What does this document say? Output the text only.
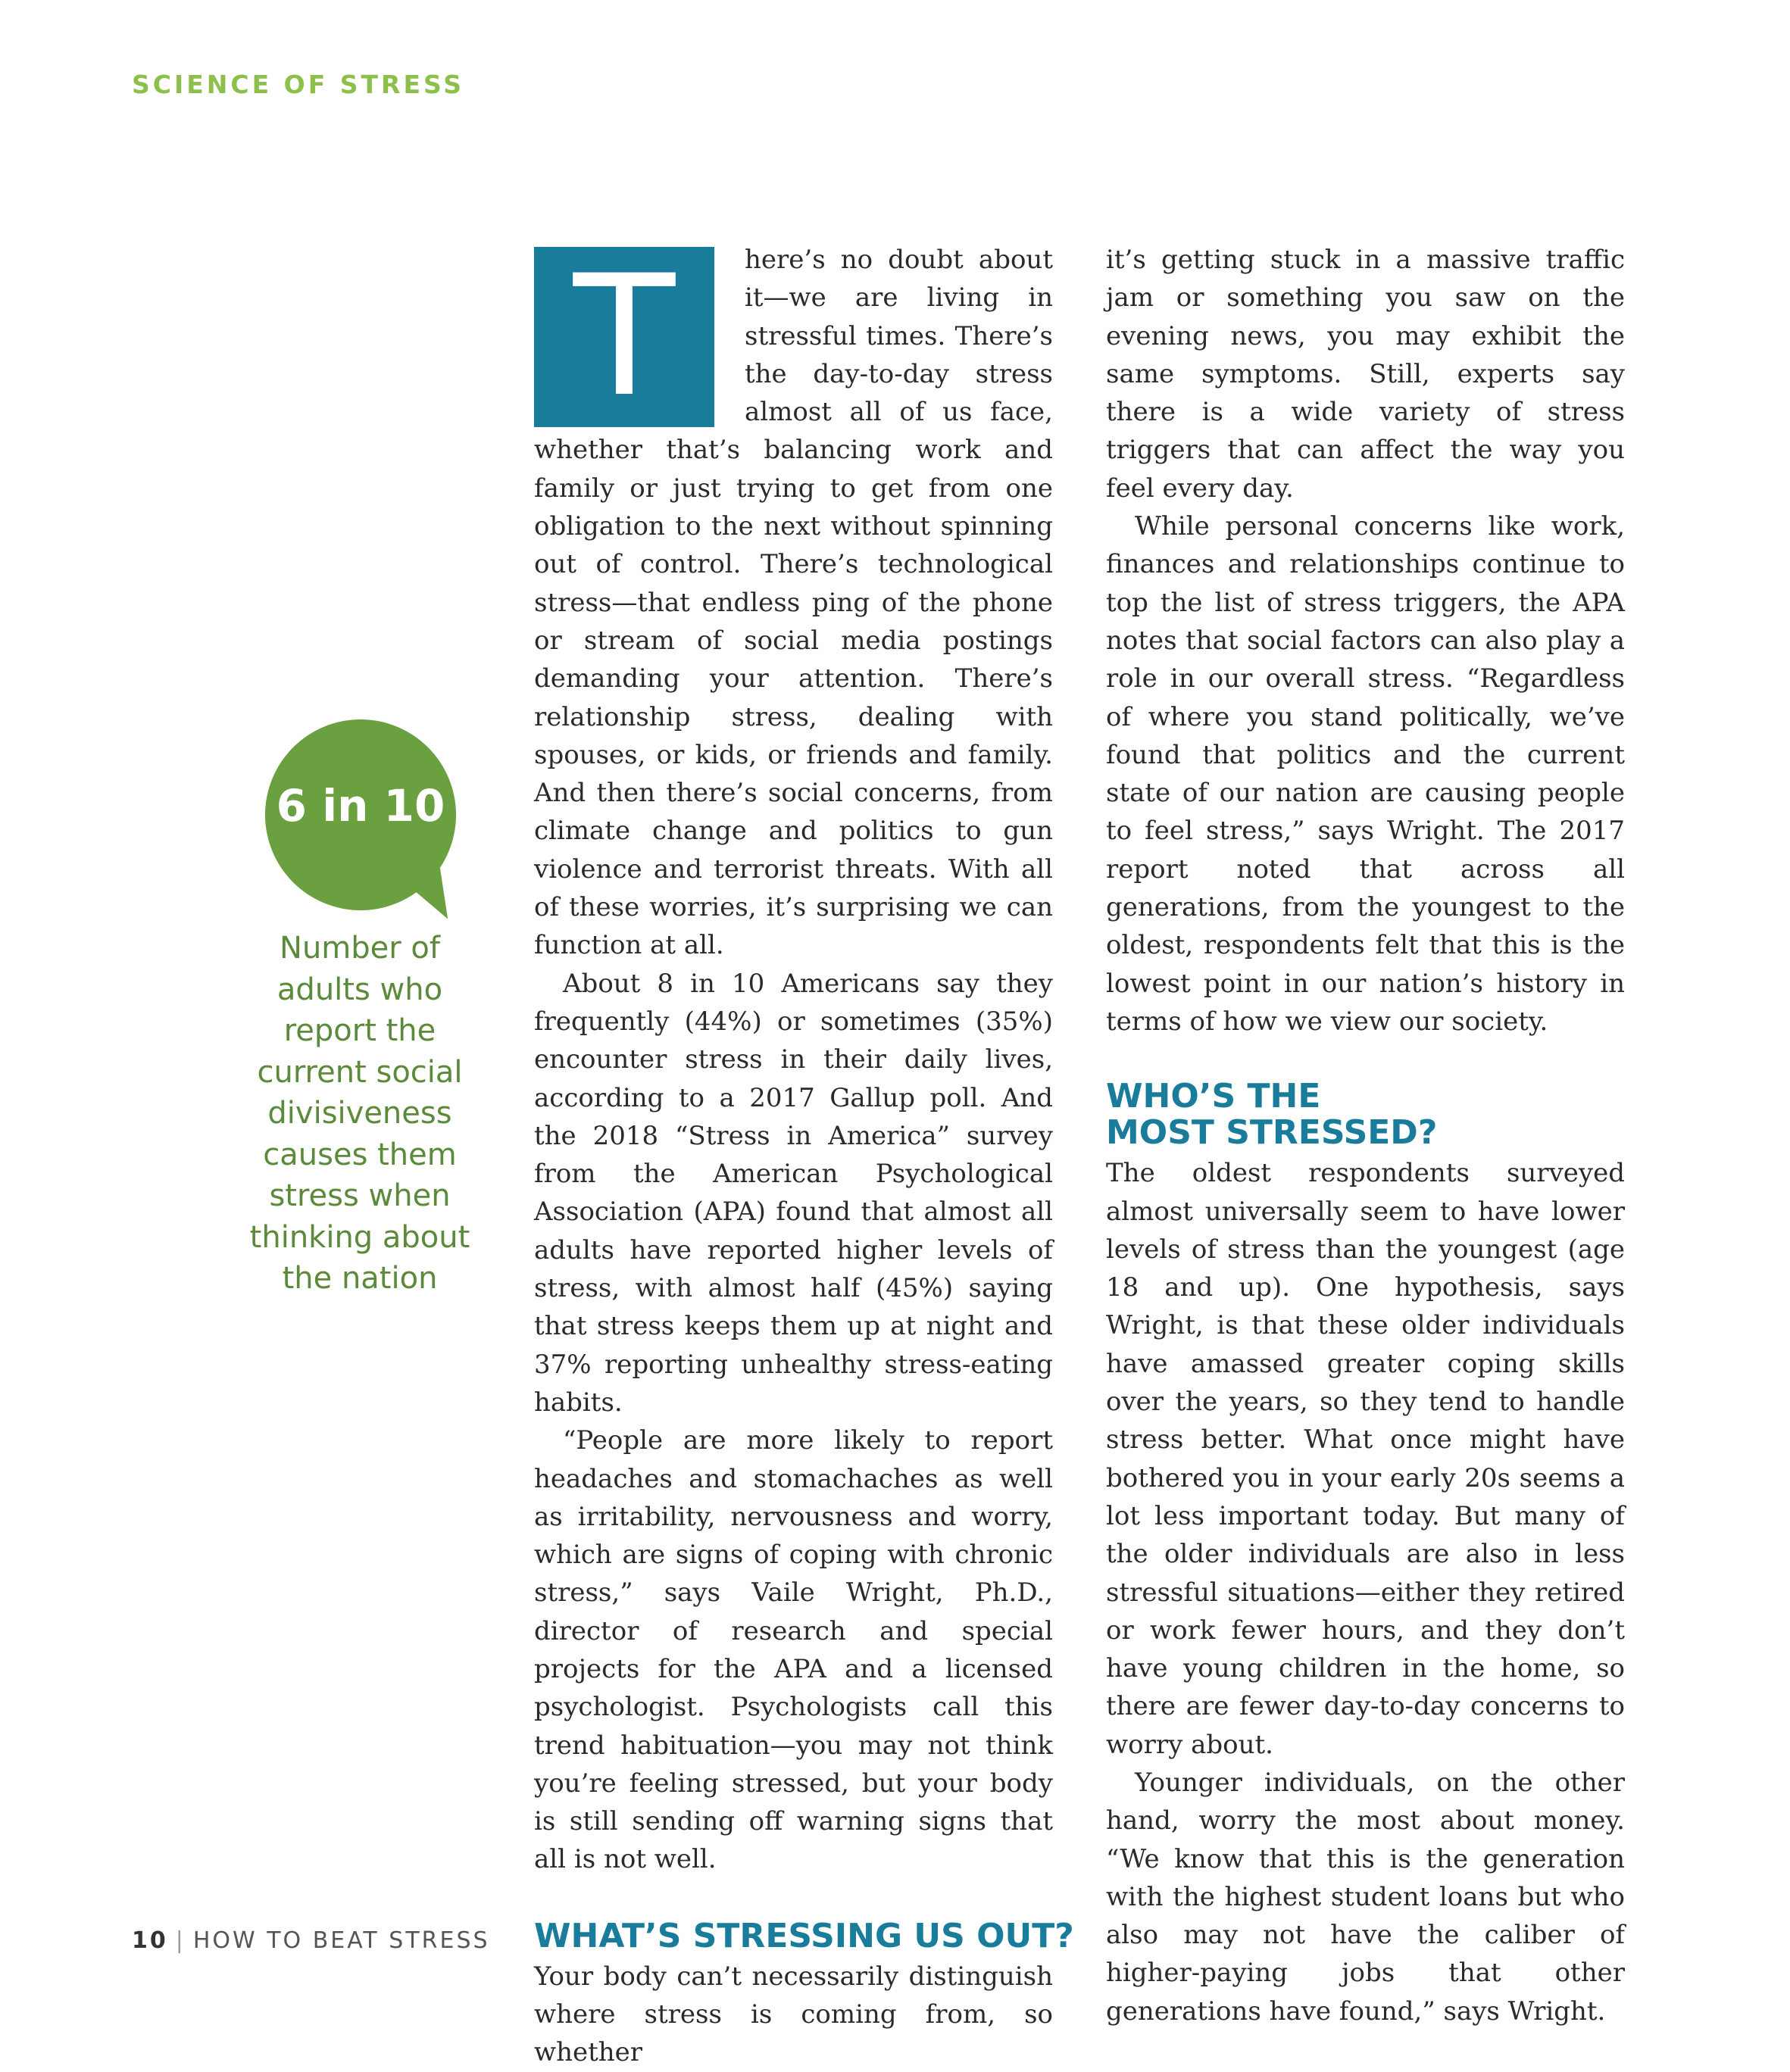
SCIENCE OF STRESS
6 in 10
Number of adults who report the current social divisiveness causes them stress when thinking about the nation
T	here’s no doubt about it—we are living in stressful times. There’s the day-to-day stress almost all of us face, whether that’s balancing work and family or just trying to get from one obligation to the next without spinning out of control. There’s technological stress—that endless ping of the phone or stream of social media postings demanding your attention. There’s relationship stress, dealing with spouses, or kids, or friends and family. And then there’s social concerns, from climate change and politics to gun violence and terrorist threats. With all of these worries, it’s surprising we can function at all.

About 8 in 10 Americans say they frequently (44%) or sometimes (35%) encounter stress in their daily lives, according to a 2017 Gallup poll. And the 2018 “Stress in America” survey from the American Psychological Association (APA) found that almost all adults have reported higher levels of stress, with almost half (45%) saying that stress keeps them up at night and 37% reporting unhealthy stress-eating habits.

“People are more likely to report headaches and stomachaches as well as irritability, nervousness and worry, which are signs of coping with chronic stress,” says Vaile Wright, Ph.D., director of research and special projects for the APA and a licensed psychologist. Psychologists call this trend habituation—you may not think you’re feeling stressed, but your body is still sending off warning signs that all is not well.

WHAT’S STRESSING US OUT?

Your body can’t necessarily distinguish where stress is coming from, so whether

it’s getting stuck in a massive traffic jam or something you saw on the evening news, you may exhibit the same symptoms. Still, experts say there is a wide variety of stress triggers that can affect the way you feel every day.

While personal concerns like work, finances and relationships continue to top the list of stress triggers, the APA notes that social factors can also play a role in our overall stress. “Regardless of where you stand politically, we’ve found that politics and the current state of our nation are causing people to feel stress,” says Wright. The 2017 report noted that across all generations, from the youngest to the oldest, respondents felt that this is the lowest point in our nation’s history in terms of how we view our society.

WHO’S THE
MOST STRESSED?

The oldest respondents surveyed almost universally seem to have lower levels of stress than the youngest (age 18 and up). One hypothesis, says Wright, is that these older individuals have amassed greater coping skills over the years, so they tend to handle stress better. What once might have bothered you in your early 20s seems a lot less important today. But many of the older individuals are also in less stressful situations—either they retired or work fewer hours, and they don’t have young children in the home, so there are fewer day-to-day concerns to worry about.

Younger individuals, on the other hand, worry the most about money. “We know that this is the generation with the highest student loans but who also may not have the caliber of higher-paying jobs that other generations have found,” says Wright.

10 | HOW TO BEAT STRESS
